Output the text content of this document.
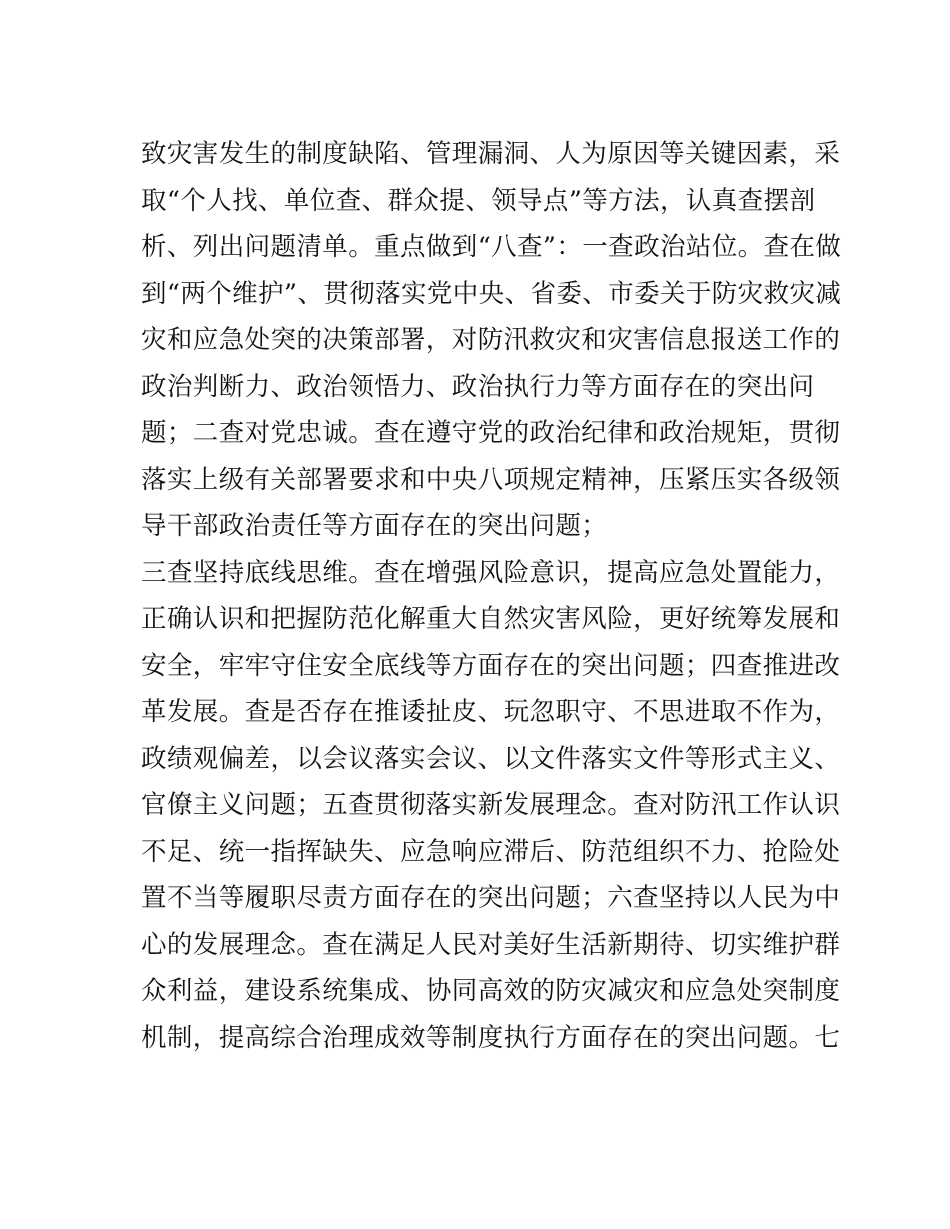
致灾害发生的制度缺陷、管理漏洞、人为原因等关键因素，采
取“个人找、单位查、群众提、领导点”等方法，认真查摆剖
析、列出问题清单。重点做到“八查”：一查政治站位。查在做
到“两个维护”、贯彻落实党中央、省委、市委关于防灾救灾减
灾和应急处突的决策部署，对防汛救灾和灾害信息报送工作的
政治判断力、政治领悟力、政治执行力等方面存在的突出问
题；二查对党忠诚。查在遵守党的政治纪律和政治规矩，贯彻
落实上级有关部署要求和中央八项规定精神，压紧压实各级领
导干部政治责任等方面存在的突出问题；
三查坚持底线思维。查在增强风险意识，提高应急处置能力，
正确认识和把握防范化解重大自然灾害风险，更好统筹发展和
安全，牢牢守住安全底线等方面存在的突出问题；四查推进改
革发展。查是否存在推诿扯皮、玩忽职守、不思进取不作为，
政绩观偏差，以会议落实会议、以文件落实文件等形式主义、
官僚主义问题；五查贯彻落实新发展理念。查对防汛工作认识
不足、统一指挥缺失、应急响应滞后、防范组织不力、抢险处
置不当等履职尽责方面存在的突出问题；六查坚持以人民为中
心的发展理念。查在满足人民对美好生活新期待、切实维护群
众利益，建设系统集成、协同高效的防灾减灾和应急处突制度
机制，提高综合治理成效等制度执行方面存在的突出问题。七
